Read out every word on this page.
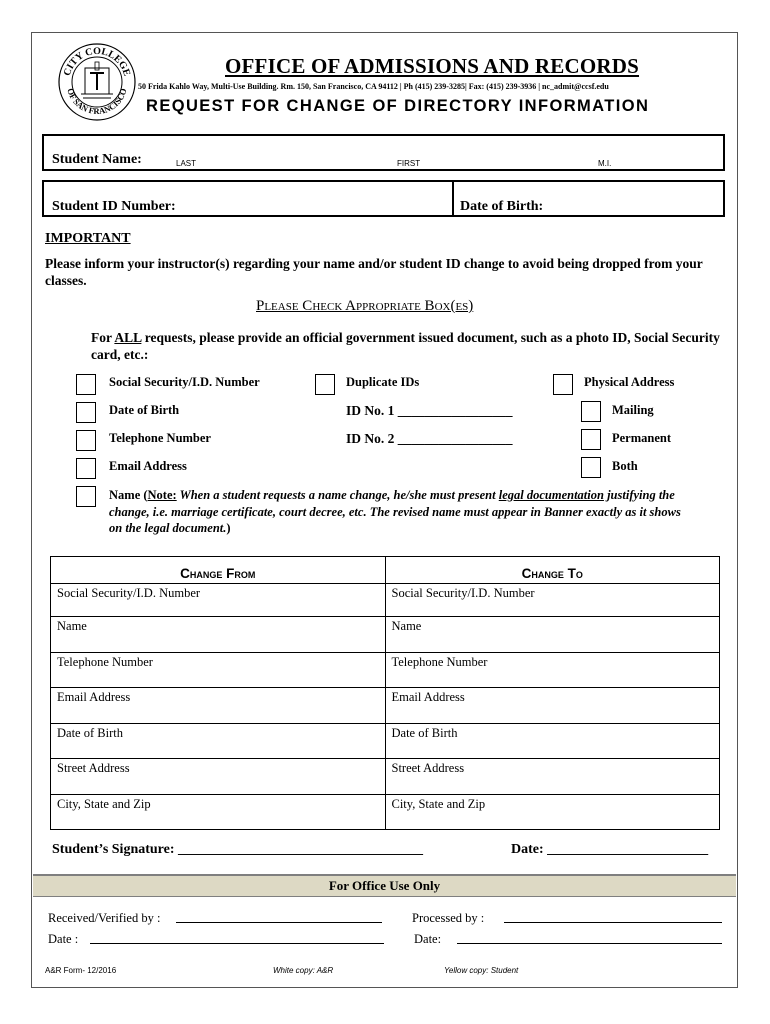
CITY COLLEGE
OF SAN FRANCISCO
OFFICE OF ADMISSIONS AND RECORDS
50 Frida Kahlo Way, Multi-Use Building. Rm. 150, San Francisco, CA 94112 | Ph (415) 239-3285| Fax: (415) 239-3936 | nc_admit@ccsf.edu
REQUEST FOR CHANGE OF DIRECTORY INFORMATION
Student Name:	LAST	FIRST	M.I.
Student ID Number:	Date of Birth:
IMPORTANT
Please inform your instructor(s) regarding your name and/or student ID change to avoid being dropped from your classes.
Please Check Appropriate Box(es)
For ALL requests, please provide an official government issued document, such as a photo ID, Social Security card, etc.:
Social Security/I.D. Number
Date of Birth
Telephone Number
Email Address
Duplicate IDs
ID No. 1 _________________
ID No. 2 _________________
Physical Address
Mailing
Permanent
Both
Name (Note: When a student requests a name change, he/she must present legal documentation justifying the change, i.e. marriage certificate, court decree, etc. The revised name must appear in Banner exactly as it shows on the legal document.)
Change From	Change To
Social Security/I.D. Number	Social Security/I.D. Number
Name	Name
Telephone Number	Telephone Number
Email Address	Email Address
Date of Birth	Date of Birth
Street Address	Street Address
City, State and Zip	City, State and Zip
Student’s Signature: ___________________________________	Date: _______________________
For Office Use Only
Received/Verified by :
Date :
Processed by :
Date:
A&R Form- 12/2016	White copy: A&R	Yellow copy: Student
